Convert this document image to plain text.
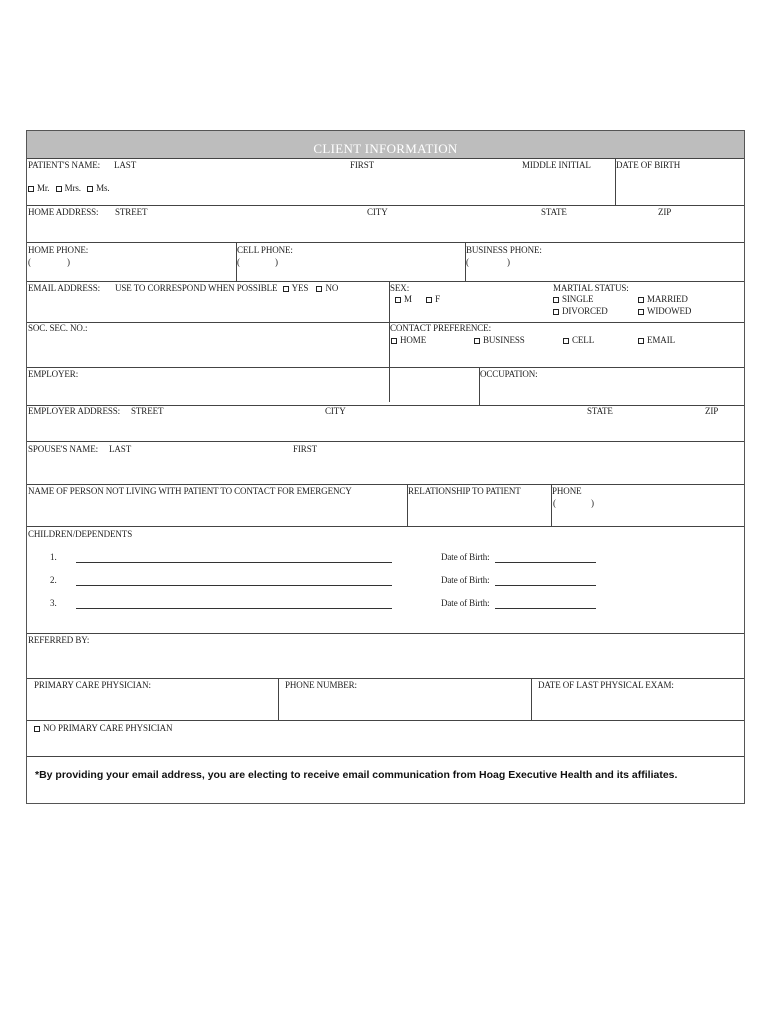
CLIENT INFORMATION
PATIENT'S NAME: LAST	FIRST	MIDDLE INITIAL	DATE OF BIRTH
Mr. Mrs. Ms.
HOME ADDRESS: STREET	CITY	STATE	ZIP
HOME PHONE:
(	)
CELL PHONE:
(	)
BUSINESS PHONE:
(	)
EMAIL ADDRESS: USE TO CORRESPOND WHEN POSSIBLE YES NO	SEX:
M	F
MARTIAL STATUS:
SINGLE	MARRIED
DIVORCED	WIDOWED
SOC. SEC. NO.:	CONTACT PREFERENCE:
HOME	BUSINESS	CELL	EMAIL
EMPLOYER:	OCCUPATION:
EMPLOYER ADDRESS: STREET	CITY	STATE	ZIP
SPOUSE'S NAME: LAST	FIRST
NAME OF PERSON NOT LIVING WITH PATIENT TO CONTACT FOR EMERGENCY	RELATIONSHIP TO PATIENT	PHONE
(	)
CHILDREN/DEPENDENTS
1.	Date of Birth:
2.	Date of Birth:
3.	Date of Birth:
REFERRED BY:
PRIMARY CARE PHYSICIAN:	PHONE NUMBER:	DATE OF LAST PHYSICAL EXAM:
NO PRIMARY CARE PHYSICIAN
*By providing your email address, you are electing to receive email communication from Hoag Executive Health and its affiliates.
